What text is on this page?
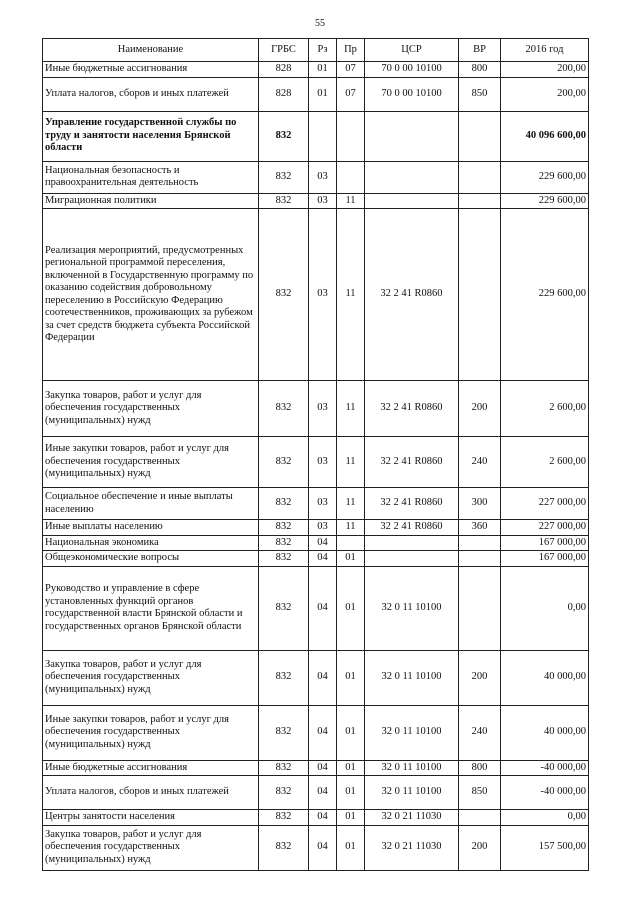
55
Наименование	ГРБС	Рз	Пр	ЦСР	ВР	2016 год
Иные бюджетные ассигнования	828	01	07	70 0 00 10100	800	200,00
Уплата налогов, сборов и иных платежей	828	01	07	70 0 00 10100	850	200,00
Управление государственной службы по труду и занятости населения Брянской области	832					40 096 600,00
Национальная безопасность и правоохранительная деятельность	832	03				229 600,00
Миграционная политики	832	03	11			229 600,00
Реализация мероприятий, предусмотренных региональной программой переселения, включенной в Государственную программу по оказанию содействия добровольному переселению в Российскую Федерацию соотечественников, проживающих за рубежом за счет средств бюджета субъекта Российской Федерации	832	03	11	32 2 41 R0860		229 600,00
Закупка товаров, работ и услуг для обеспечения государственных (муниципальных) нужд	832	03	11	32 2 41 R0860	200	2 600,00
Иные закупки товаров, работ и услуг для обеспечения государственных (муниципальных) нужд	832	03	11	32 2 41 R0860	240	2 600,00
Социальное обеспечение и иные выплаты населению	832	03	11	32 2 41 R0860	300	227 000,00
Иные выплаты населению	832	03	11	32 2 41 R0860	360	227 000,00
Национальная экономика	832	04				167 000,00
Общеэкономические вопросы	832	04	01			167 000,00
Руководство и управление в сфере установленных функций органов государственной власти Брянской области и государственных органов Брянской области	832	04	01	32 0 11 10100		0,00
Закупка товаров, работ и услуг для обеспечения государственных (муниципальных) нужд	832	04	01	32 0 11 10100	200	40 000,00
Иные закупки товаров, работ и услуг для обеспечения государственных (муниципальных) нужд	832	04	01	32 0 11 10100	240	40 000,00
Иные бюджетные ассигнования	832	04	01	32 0 11 10100	800	-40 000,00
Уплата налогов, сборов и иных платежей	832	04	01	32 0 11 10100	850	-40 000,00
Центры занятости населения	832	04	01	32 0 21 11030		0,00
Закупка товаров, работ и услуг для обеспечения государственных (муниципальных) нужд	832	04	01	32 0 21 11030	200	157 500,00
